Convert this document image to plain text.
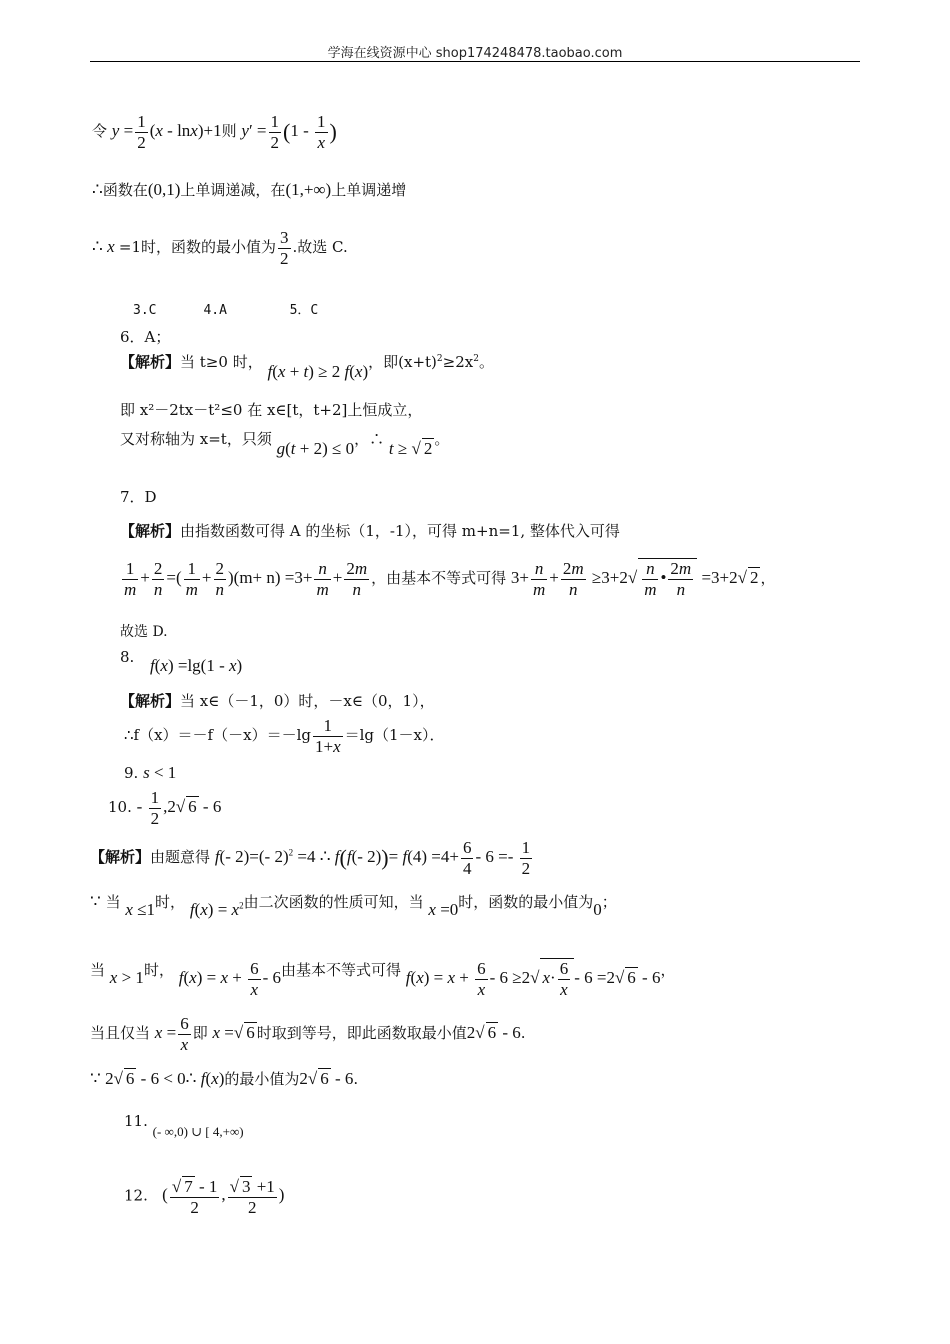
学海在线资源中心 shop174248478.taobao.com
令 $y = \frac{1}{2} (x - \ln x)+1$则 $y' = \frac{1}{2} (1 - \frac{1}{x}$ )
∴函数在(0,1)上单调递减，在(1,+∞)上单调递增
∴ x =1时，函数的最小值为 $\frac{3}{2}$ .故选 C.
3.C	4.A	5．C
6．A；
【解析】当 t≥0 时， f(x + t) ≥ 2 f(x)，即$(x+t)^2\ge 2x^2$。
即 x²－2tx－t²≤0 在 x∈[t，t+2]上恒成立，
又对称轴为 x=t，只须 g(t + 2) ≤ 0，∴ t ≥ √ 2 。
7．D
【解析】由指数函数可得 A 的坐标（1，-1），可得 m+n=1, 整体代入可得
$\frac{1}{m} + \frac{2}{n}$ =( $\frac{1}{m} + \frac{2}{n} )(m+ n) =3+ \frac{n}{m} + \frac{2m}{n}$ ，由基本不等式可得 $3+ \frac{n}{m} + \frac{2m}{n} \ge 3+2√ \frac{n}{m}$ • $\frac{2m}{n} =3+2√$ 2 ，
故选 D.
8. f(x) =lg(1 - x)
【解析】当 x∈（－1，0）时，－x∈（0，1），
∴f（x）＝－f（－x）＝－lg $\frac{1}{1+x} =\lg(1-x)$．
9. s < 1
10. - $\frac{1}{2} ,2√$ 6 - 6
【解析】由题意得 f(- 2)=(- 2)$^2$ =4 ∴ f(f(- $2))= f(4) =4+ \frac{6}{4} - 6 =- \frac{1}{2}$
∵ 当 x ≤1时， $f(x) = x^2$由二次函数的性质可知，当 x =0时，函数的最小值为0；
当 x > 1时， $f(x) = x + \frac{6}{x} - 6$由基本不等式可得 $f(x) = x + \frac{6}{x} - 6 \ge 2√$ $x\cdot \frac{6}{x} - 6 =2√$ 6 - 6，
当且仅当 $x = \frac{6}{x}$ 即 x =√ 6 时取到等号，即此函数取最小值2√ 6 - 6.
∵ 2√ 6 - 6 < 0∴ f(x)的最小值为2√ 6 - 6.
11. (- ∞,0) ∪ [ 4,+∞)
12. ( $\frac{√ 7 - 1}{2}$ , $\frac{√ 3 +1}{2}$ )
